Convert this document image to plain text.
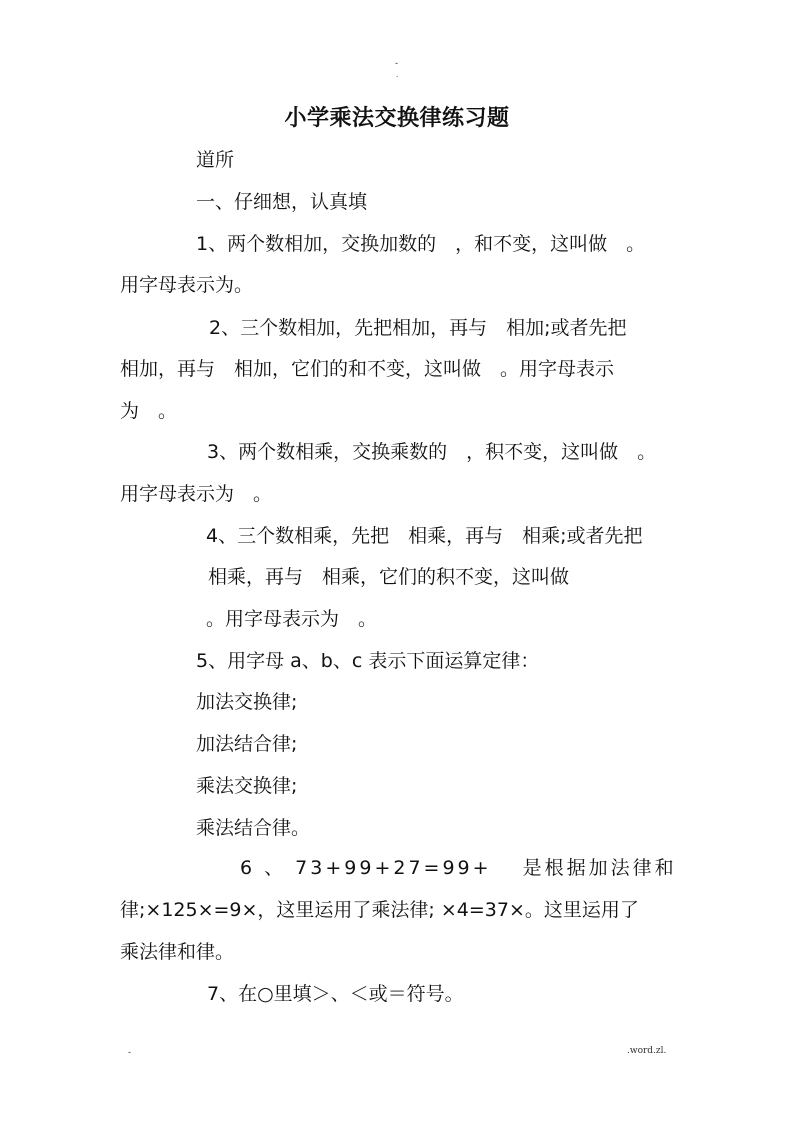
-
.
小学乘法交换律练习题
道所
一、仔细想，认真填
1、两个数相加，交换加数的　，和不变，这叫做　。
用字母表示为。
2、三个数相加，先把相加，再与　相加;或者先把
相加，再与　相加，它们的和不变，这叫做　。用字母表示
为　。
3、两个数相乘，交换乘数的　，积不变，这叫做　。
用字母表示为　。
4、三个数相乘，先把　相乘，再与　相乘;或者先把
相乘，再与　相乘，它们的积不变，这叫做
。用字母表示为　。
5、用字母 a、b、c 表示下面运算定律：
加法交换律;
加法结合律;
乘法交换律;
乘法结合律。
6 、 73+99+27=99+　 是根据加法律和
律;×125×=9×，这里运用了乘法律; ×4=37×。这里运用了
乘法律和律。
7、在○里填＞、＜或＝符号。
-	.word.zl.
